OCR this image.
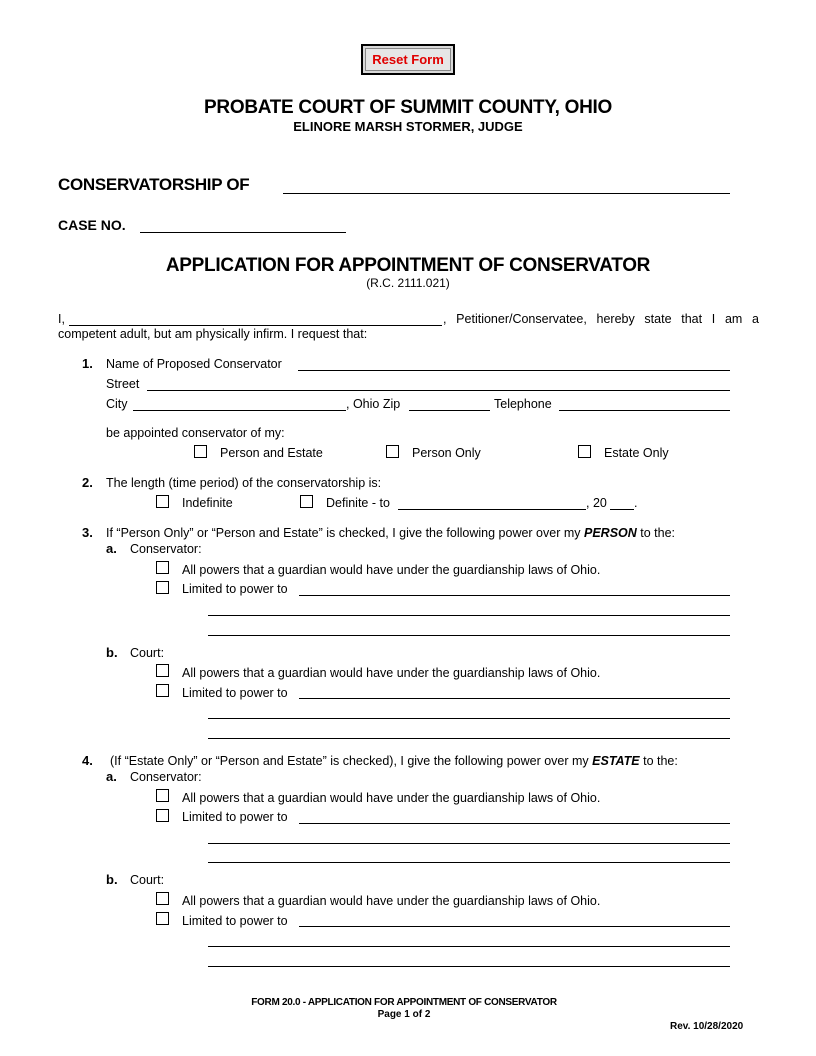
Reset Form
PROBATE COURT OF SUMMIT COUNTY, OHIO
ELINORE MARSH STORMER, JUDGE
CONSERVATORSHIP OF
CASE NO.
APPLICATION FOR APPOINTMENT OF CONSERVATOR
(R.C. 2111.021)
I,	, Petitioner/Conservatee, hereby state that I am a
competent adult, but am physically infirm. I request that:
1. Name of Proposed Conservator
Street
City	, Ohio Zip	Telephone
be appointed conservator of my:
Person and Estate	Person Only	Estate Only
2. The length (time period) of the conservatorship is:
Indefinite	Definite - to	, 20 .
3. If “Person Only” or “Person and Estate” is checked, I give the following power over my PERSON to the:
a. Conservator:
All powers that a guardian would have under the guardianship laws of Ohio.
Limited to power to
b. Court:
All powers that a guardian would have under the guardianship laws of Ohio.
Limited to power to
4. (If “Estate Only” or “Person and Estate” is checked), I give the following power over my ESTATE to the:
a. Conservator:
All powers that a guardian would have under the guardianship laws of Ohio.
Limited to power to
b. Court:
All powers that a guardian would have under the guardianship laws of Ohio.
Limited to power to
FORM 20.0 - APPLICATION FOR APPOINTMENT OF CONSERVATOR
Page 1 of 2
Rev. 10/28/2020
